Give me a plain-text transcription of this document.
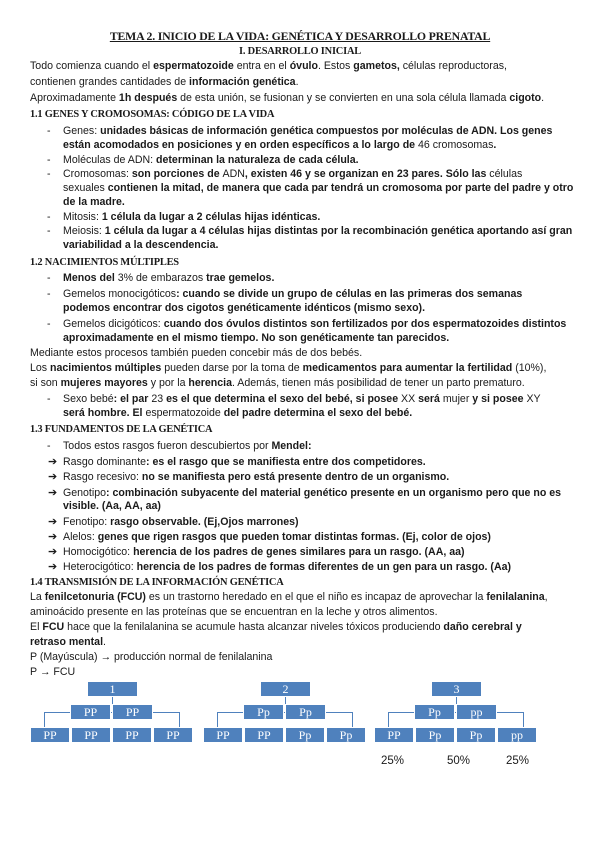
TEMA 2. INICIO DE LA VIDA: GENÉTICA Y DESARROLLO PRENATAL
I. DESARROLLO INICIAL
Todo comienza cuando el espermatozoide entra en el óvulo. Estos gametos, células reproductoras,
contienen grandes cantidades de información genética.
Aproximadamente 1h después de esta unión, se fusionan y se convierten en una sola célula llamada cigoto.
1.1 GENES Y CROMOSOMAS: CÓDIGO DE LA VIDA
- Genes: unidades básicas de información genética compuestos por moléculas de ADN. Los genes
están acomodados en posiciones y en orden específicos a lo largo de 46 cromosomas.
- Moléculas de ADN: determinan la naturaleza de cada célula.
- Cromosomas: son porciones de ADN, existen 46 y se organizan en 23 pares. Sólo las células
sexuales contienen la mitad, de manera que cada par tendrá un cromosoma por parte del padre y otro
de la madre.
- Mitosis: 1 célula da lugar a 2 células hijas idénticas.
- Meiosis: 1 célula da lugar a 4 células hijas distintas por la recombinación genética aportando así gran
variabilidad a la descendencia.
1.2 NACIMIENTOS MÚLTIPLES
- Menos del 3% de embarazos trae gemelos.
- Gemelos monocigóticos: cuando se divide un grupo de células en las primeras dos semanas
podemos encontrar dos cigotos genéticamente idénticos (mismo sexo).
- Gemelos dicigóticos: cuando dos óvulos distintos son fertilizados por dos espermatozoides distintos
aproximadamente en el mismo tiempo. No son genéticamente tan parecidos.
Mediante estos procesos también pueden concebir más de dos bebés.
Los nacimientos múltiples pueden darse por la toma de medicamentos para aumentar la fertilidad (10%),
si son mujeres mayores y por la herencia. Además, tienen más posibilidad de tener un parto prematuro.
- Sexo bebé: el par 23 es el que determina el sexo del bebé, si posee XX será mujer y si posee XY
será hombre. El espermatozoide del padre determina el sexo del bebé.
1.3 FUNDAMENTOS DE LA GENÉTICA
- Todos estos rasgos fueron descubiertos por Mendel:
➔ Rasgo dominante: es el rasgo que se manifiesta entre dos competidores.
➔ Rasgo recesivo: no se manifiesta pero está presente dentro de un organismo.
➔ Genotipo: combinación subyacente del material genético presente en un organismo pero que no es
visible. (Aa, AA, aa)
➔ Fenotipo: rasgo observable. (Ej,Ojos marrones)
➔ Alelos: genes que rigen rasgos que pueden tomar distintas formas. (Ej, color de ojos)
➔ Homocigótico: herencia de los padres de genes similares para un rasgo. (AA, aa)
➔ Heterocigótico: herencia de los padres de formas diferentes de un gen para un rasgo. (Aa)
1.4 TRANSMISIÓN DE LA INFORMACIÓN GENÉTICA
La fenilcetonuria (FCU) es un trastorno heredado en el que el niño es incapaz de aprovechar la fenilalanina,
aminoácido presente en las proteínas que se encuentran en la leche y otros alimentos.
El FCU hace que la fenilalanina se acumule hasta alcanzar niveles tóxicos produciendo daño cerebral y
retraso mental.
P (Mayúscula) → producción normal de fenilalanina
P → FCU
1
PP	PP
PP	PP	PP	PP
2
Pp	Pp
PP	PP	Pp	Pp
3
Pp	pp
PP	Pp	Pp	pp
25%	50%	25%
